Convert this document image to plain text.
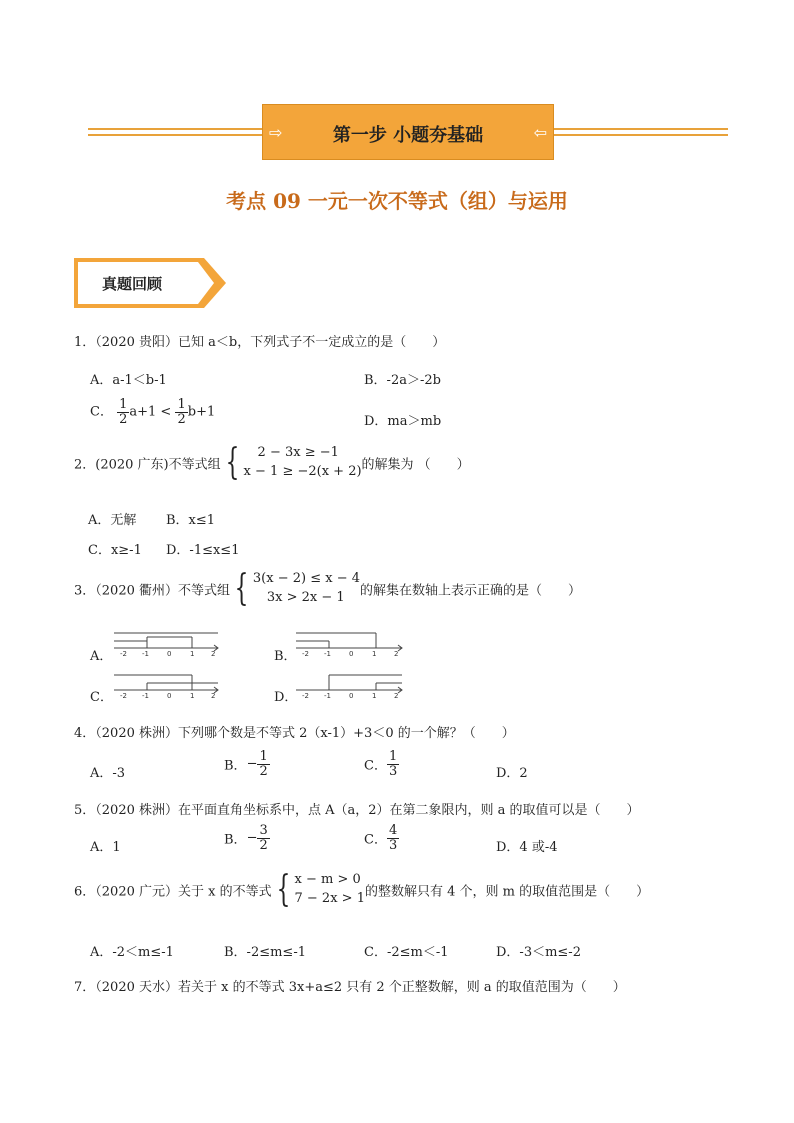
⇨	第一步 小题夯基础	⇦
考点 09 一元一次不等式（组）与运用
真题回顾
1．（2020 贵阳）已知 a＜b，下列式子不一定成立的是（　　）
A．a-1＜b-1	B．-2a＞-2b
C． $\frac{1}{2} a+1 < \frac{1}{2} b+1$
D．ma＞mb
2．(2020 广东)不等式组 {	2 − 3x ≥ −1
x − 1 ≥ −2(x + 2) 的解集为 （　　）
A．无解 B．x≤1
C．x≥-1 D．-1≤x≤1
3．（2020 衢州）不等式组 { 3(x − 2) ≤ x − 4
3x > 2x − 1	的解集在数轴上表示正确的是（　　）
A． -2 -1	0	1 2	B． -2 -1	0	1	2
C． -2 -1	0	1 2	D． -2 -1	0	1	2
4．（2020 株洲）下列哪个数是不等式 2（x-1）+3＜0 的一个解？（　　）
A．-3	B．− $\frac{1}{2}$	C． $\frac{1}{3}$	D．2
5．（2020 株洲）在平面直角坐标系中，点 A（a，2）在第二象限内，则 a 的取值可以是（　　）
A．1	B．− $\frac{3}{2}$	C． $\frac{4}{3}$	D．4 或-4
6．（2020 广元）关于 x 的不等式 { x − m > 0
7 − 2x > 1 的整数解只有 4 个，则 m 的取值范围是（　　）
A．-2＜m≤-1	B．-2≤m≤-1	C．-2≤m＜-1	D．-3＜m≤-2
7．（2020 天水）若关于 x 的不等式 3x+a≤2 只有 2 个正整数解，则 a 的取值范围为（　　）
